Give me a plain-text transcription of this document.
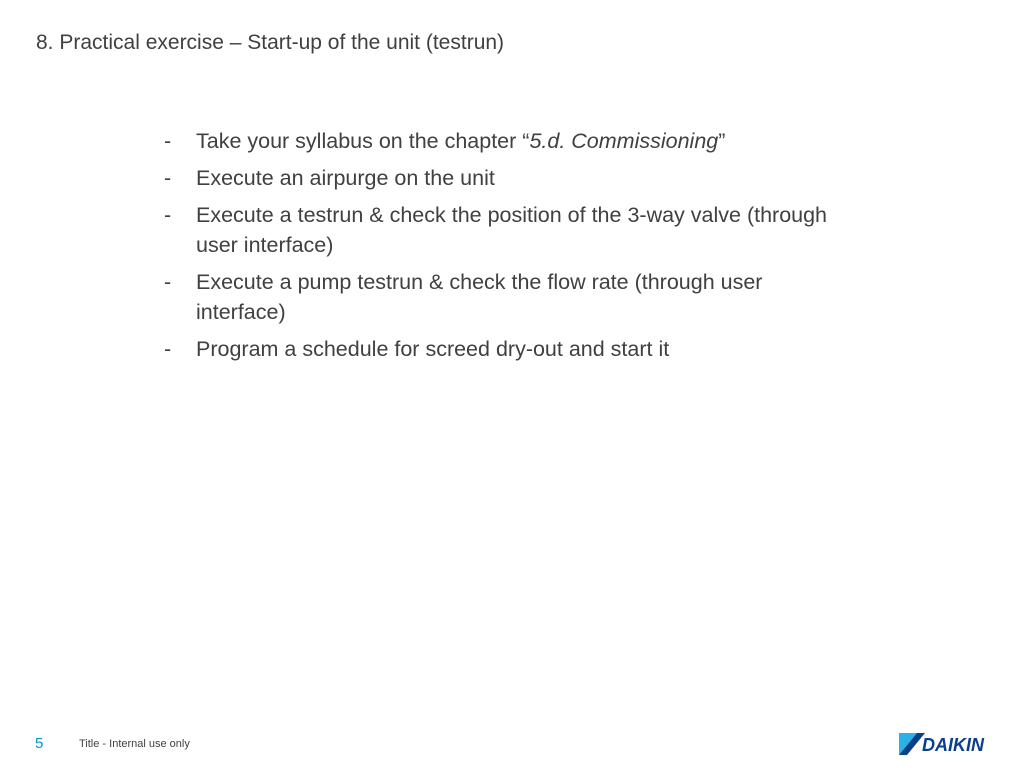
8. Practical exercise – Start-up of the unit (testrun)
- Take your syllabus on the chapter “5.d. Commissioning”
- Execute an airpurge on the unit
- Execute a testrun & check the position of the 3-way valve (through user interface)
- Execute a pump testrun & check the flow rate (through user interface)
- Program a schedule for screed dry-out and start it
5	Title - Internal use only	DAIKIN
